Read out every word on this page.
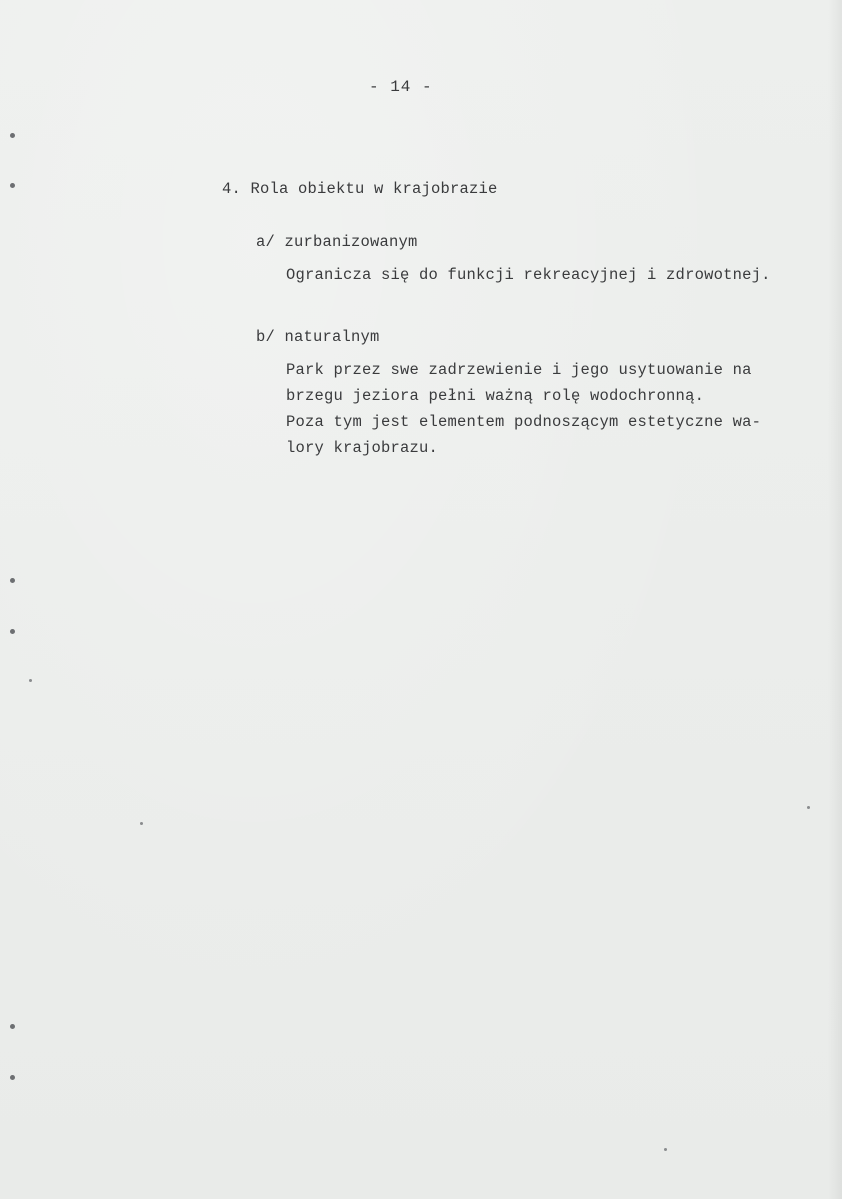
- 14 -
4. Rola obiektu w krajobrazie
a/ zurbanizowanym
Ogranicza się do funkcji rekreacyjnej i zdrowotnej.
b/ naturalnym
Park przez swe zadrzewienie i jego usytuowanie na
brzegu jeziora pełni ważną rolę wodochronną.
Poza tym jest elementem podnoszącym estetyczne wa-
lory krajobrazu.
